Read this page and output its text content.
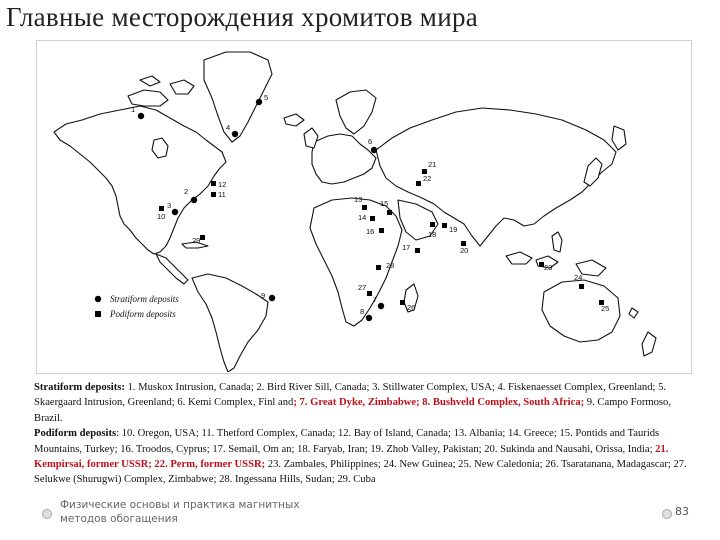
Главные месторождения хромитов мира
1
2
3
4
5
6
7
8
9
10
11
12
13
14
15
16
17
18
19
20
21
22
23
24
25
26
27
28
29
Stratiform deposits
Podiform deposits
Stratiform deposits: 1. Muskox Intrusion, Canada; 2. Bird River Sill, Canada; 3. Stillwater Complex, USA; 4. Fiskenaesset Complex, Greenland; 5. Skaergaard Intrusion, Greenland; 6. Kemi Complex, Finl and; 7. Great Dyke, Zimbabwe; 8. Bushveld Complex, South Africa; 9. Campo Formoso, Brazil.
Podiform deposits: 10. Oregon, USA; 11. Thetford Complex, Canada; 12. Bay of Island, Canada; 13. Albania; 14. Greece; 15. Pontids and Taurids Mountains, Turkey; 16. Troodos, Cyprus; 17. Semail, Om an; 18. Faryab, Iran; 19. Zhob Valley, Pakistan; 20. Sukinda and Nausahi, Orissa, India; 21. Kempirsai, former USSR; 22. Perm, former USSR; 23. Zambales, Philippines; 24. New Guinea; 25. New Caledonia; 26. Tsaratanana, Madagascar; 27. Selukwe (Shurugwi) Complex, Zimbabwe; 28. Ingessana Hills, Sudan; 29. Cuba
Физические основы и практика магнитных методов обогащения
83
